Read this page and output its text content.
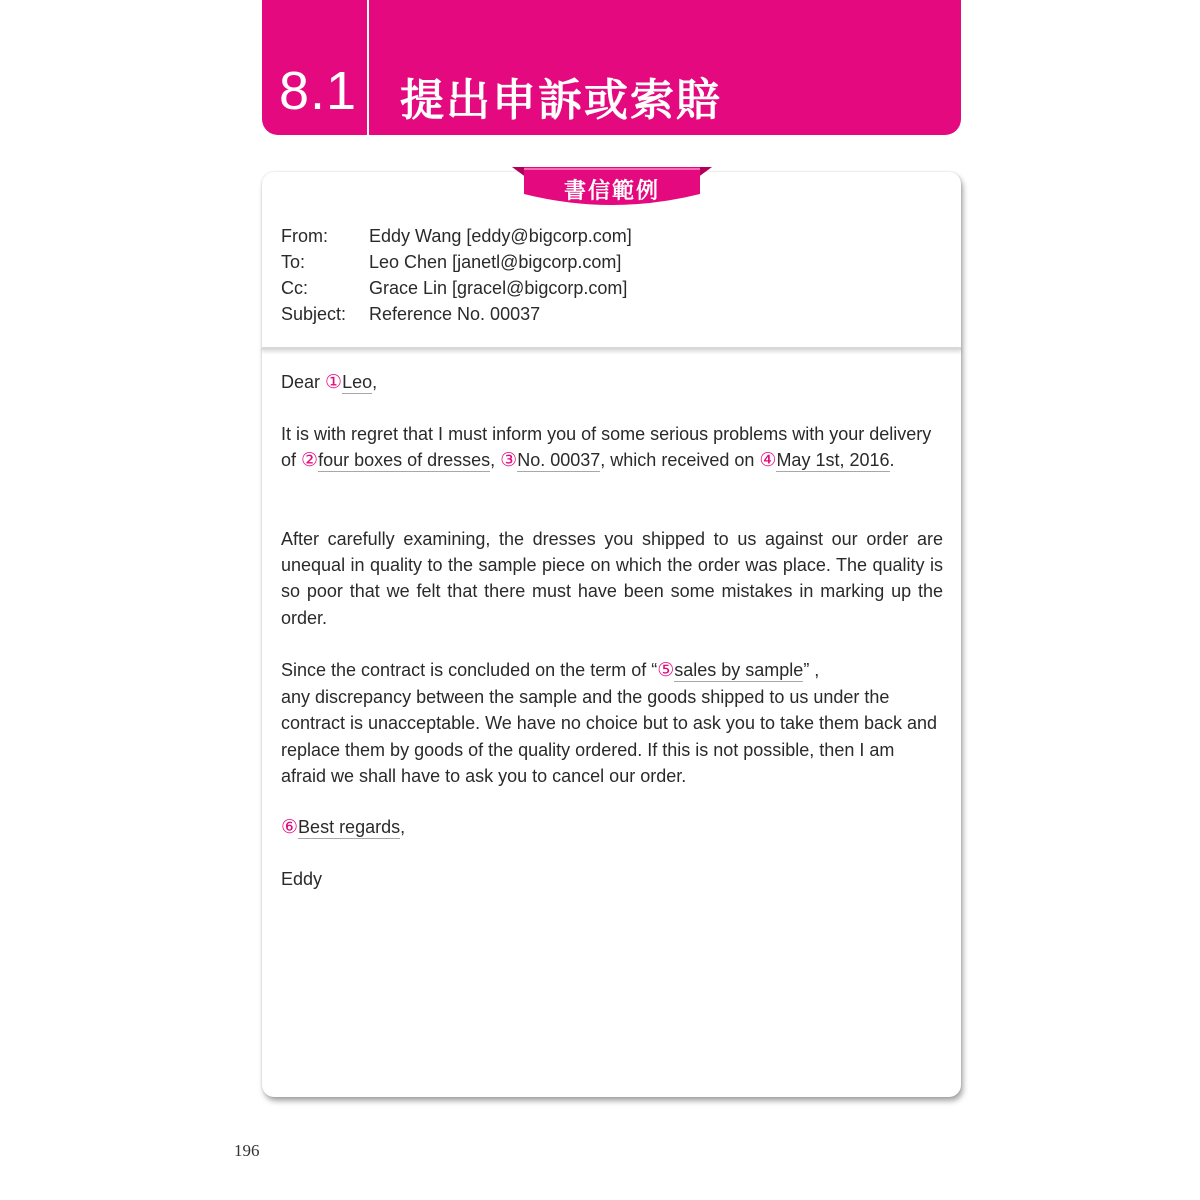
8.1 提出申訴或索賠
書信範例
From: Eddy Wang [eddy@bigcorp.com]
To:	Leo Chen [janetl@bigcorp.com]
Cc:	Grace Lin [gracel@bigcorp.com]
Subject: Reference No. 00037
Dear ①Leo,
It is with regret that I must inform you of some serious problems with your delivery of ②four boxes of dresses, ③No. 00037, which received on ④May 1st, 2016.
After carefully examining, the dresses you shipped to us against our order are unequal in quality to the sample piece on which the order was place. The quality is so poor that we felt that there must have been some mistakes in marking up the order.
Since the contract is concluded on the term of “⑤sales by sample” ,
any discrepancy between the sample and the goods shipped to us under the contract is unacceptable. We have no choice but to ask you to take them back and replace them by goods of the quality ordered. If this is not possible, then I am afraid we shall have to ask you to cancel our order.
⑥Best regards,
Eddy
196
